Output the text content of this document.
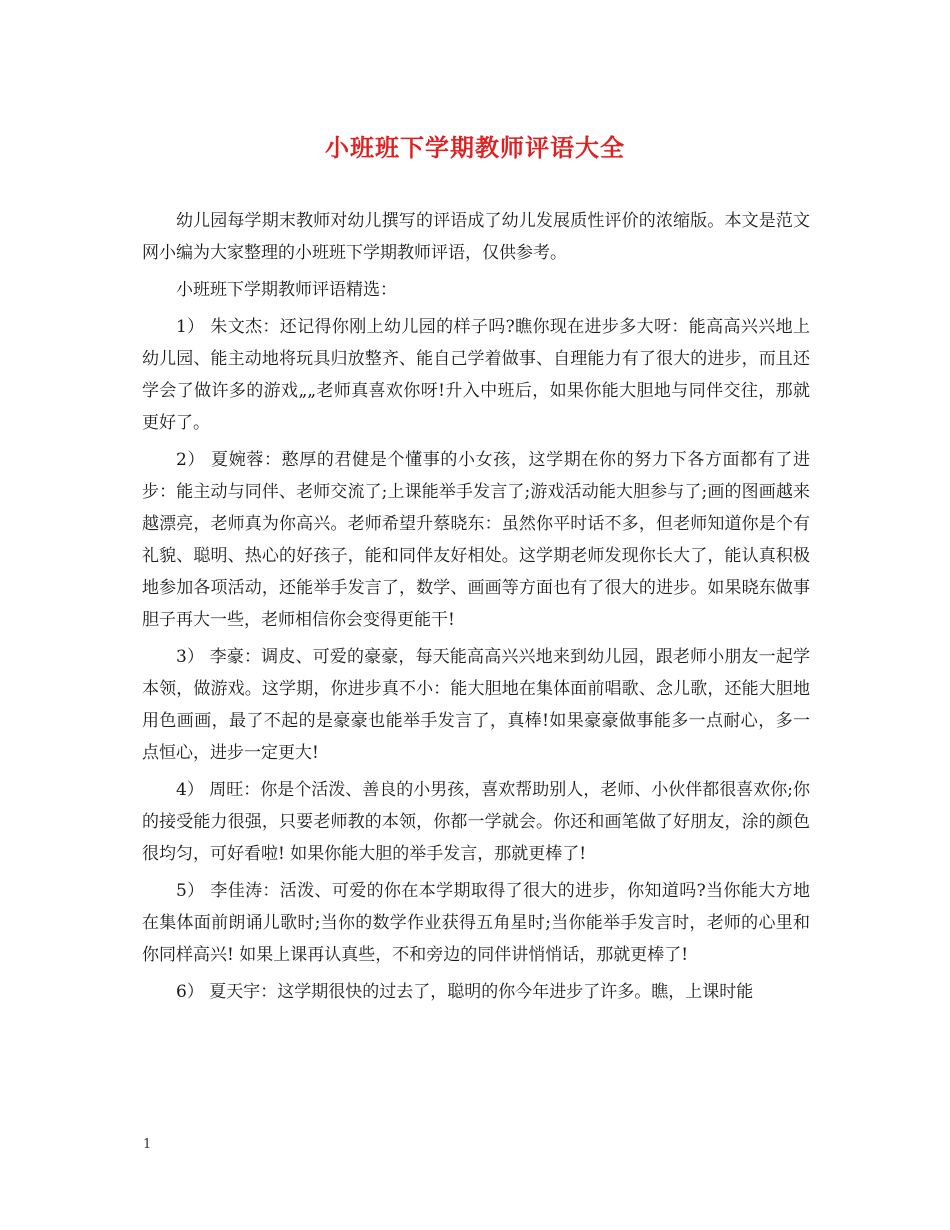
小班班下学期教师评语大全

幼儿园每学期末教师对幼儿撰写的评语成了幼儿发展质性评价的浓缩版。本文是范文网小编为大家整理的小班班下学期教师评语，仅供参考。

小班班下学期教师评语精选：

1） 朱文杰：还记得你刚上幼儿园的样子吗?瞧你现在进步多大呀：能高高兴兴地上幼儿园、能主动地将玩具归放整齐、能自己学着做事、自理能力有了很大的进步，而且还学会了做许多的游戏„„老师真喜欢你呀!升入中班后，如果你能大胆地与同伴交往，那就更好了。

2） 夏婉蓉：憨厚的君健是个懂事的小女孩，这学期在你的努力下各方面都有了进步：能主动与同伴、老师交流了;上课能举手发言了;游戏活动能大胆参与了;画的图画越来越漂亮，老师真为你高兴。老师希望升蔡晓东：虽然你平时话不多，但老师知道你是个有礼貌、聪明、热心的好孩子，能和同伴友好相处。这学期老师发现你长大了，能认真积极地参加各项活动，还能举手发言了，数学、画画等方面也有了很大的进步。如果晓东做事胆子再大一些，老师相信你会变得更能干!

3） 李豪：调皮、可爱的豪豪，每天能高高兴兴地来到幼儿园，跟老师小朋友一起学本领，做游戏。这学期，你进步真不小：能大胆地在集体面前唱歌、念儿歌，还能大胆地用色画画，最了不起的是豪豪也能举手发言了，真棒!如果豪豪做事能多一点耐心，多一点恒心，进步一定更大!

4） 周旺：你是个活泼、善良的小男孩，喜欢帮助别人，老师、小伙伴都很喜欢你;你的接受能力很强，只要老师教的本领，你都一学就会。你还和画笔做了好朋友，涂的颜色很均匀，可好看啦! 如果你能大胆的举手发言，那就更棒了!

5） 李佳涛：活泼、可爱的你在本学期取得了很大的进步，你知道吗?当你能大方地在集体面前朗诵儿歌时;当你的数学作业获得五角星时;当你能举手发言时，老师的心里和你同样高兴! 如果上课再认真些，不和旁边的同伴讲悄悄话，那就更棒了!

6） 夏天宇：这学期很快的过去了，聪明的你今年进步了许多。瞧，上课时能

1
